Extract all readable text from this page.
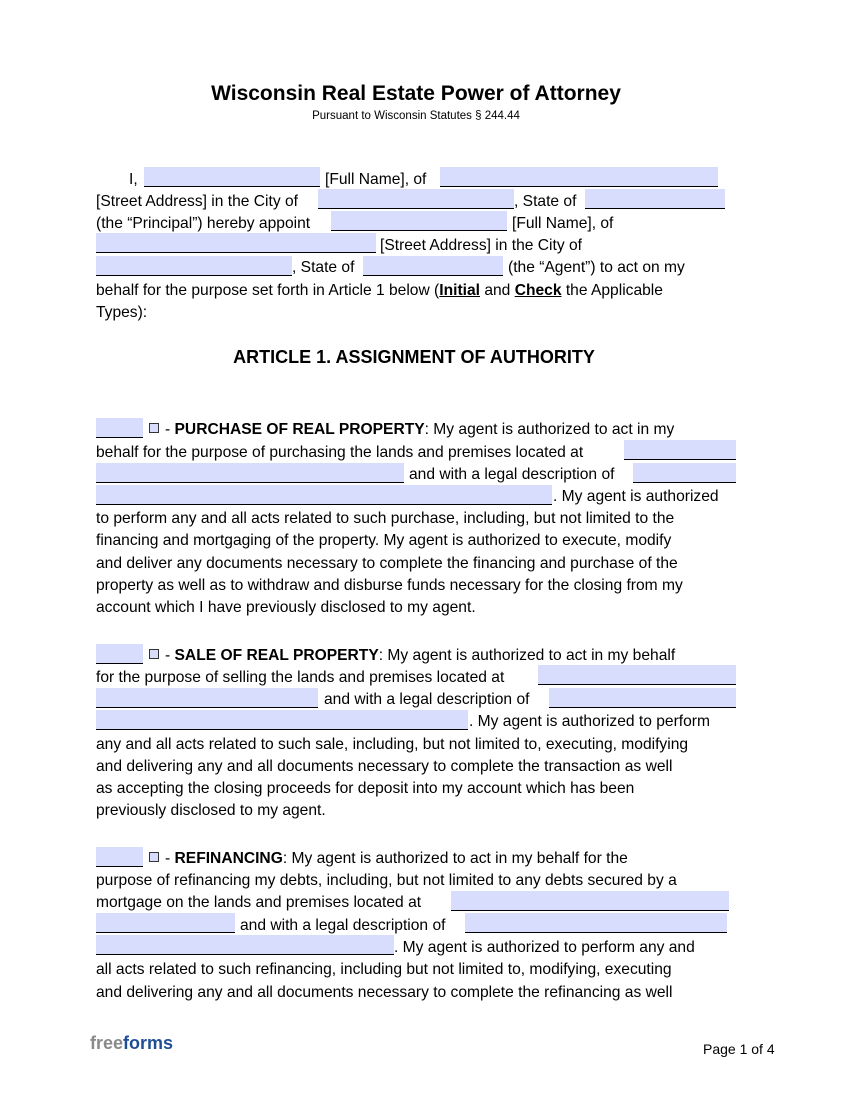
Wisconsin Real Estate Power of Attorney
Pursuant to Wisconsin Statutes § 244.44
I,	[Full Name], of
[Street Address] in the City of	, State of
(the “Principal”) hereby appoint	[Full Name], of
[Street Address] in the City of
, State of	(the “Agent”) to act on my
behalf for the purpose set forth in Article 1 below (Initial and Check the Applicable
Types):
ARTICLE 1. ASSIGNMENT OF AUTHORITY
- PURCHASE OF REAL PROPERTY: My agent is authorized to act in my
behalf for the purpose of purchasing the lands and premises located at
and with a legal description of
. My agent is authorized
to perform any and all acts related to such purchase, including, but not limited to the
financing and mortgaging of the property. My agent is authorized to execute, modify
and deliver any documents necessary to complete the financing and purchase of the
property as well as to withdraw and disburse funds necessary for the closing from my
account which I have previously disclosed to my agent.
- SALE OF REAL PROPERTY: My agent is authorized to act in my behalf
for the purpose of selling the lands and premises located at
and with a legal description of
. My agent is authorized to perform
any and all acts related to such sale, including, but not limited to, executing, modifying
and delivering any and all documents necessary to complete the transaction as well
as accepting the closing proceeds for deposit into my account which has been
previously disclosed to my agent.
- REFINANCING: My agent is authorized to act in my behalf for the
purpose of refinancing my debts, including, but not limited to any debts secured by a
mortgage on the lands and premises located at
and with a legal description of
. My agent is authorized to perform any and
all acts related to such refinancing, including but not limited to, modifying, executing
and delivering any and all documents necessary to complete the refinancing as well
freeforms	Page 1 of 4
